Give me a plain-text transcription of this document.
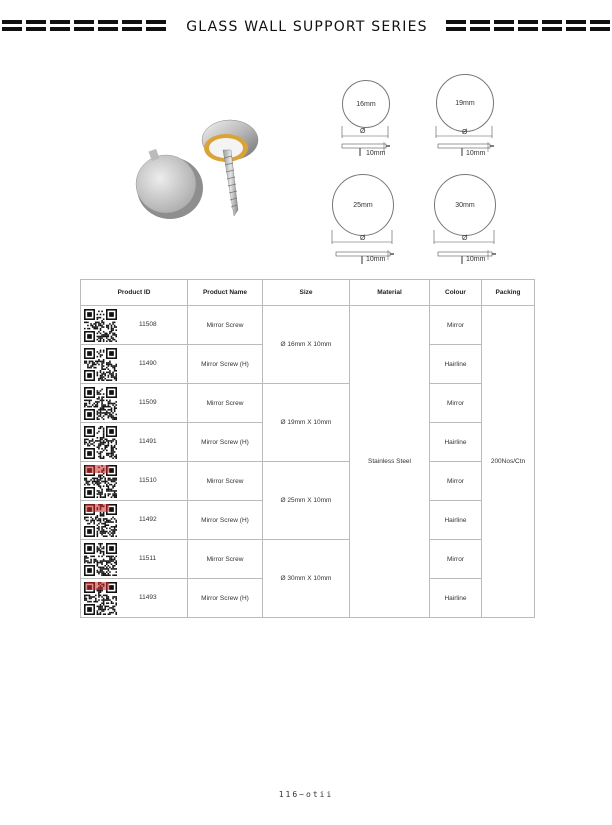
GLASS WALL SUPPORT SERIES
16mm
Ø
10mm
19mm
Ø
10mm
25mm
Ø
10mm
30mm
Ø
10mm
Product ID	Product Name	Size	Material	Colour	Packing

11508	Mirror Screw	Ø 16mm X 10mm	Stainless Steel	Mirror	200Nos/Ctn

11490	Mirror Screw (H)			Hairline	

11509	Mirror Screw	Ø 19mm X 10mm		Mirror	

11491	Mirror Screw (H)			Hairline	

11510	Mirror Screw	Ø 25mm X 10mm		Mirror	

11492	Mirror Screw (H)			Hairline	

11511	Mirror Screw	Ø 30mm X 10mm		Mirror	

11493	Mirror Screw (H)			Hairline	
116~otii
